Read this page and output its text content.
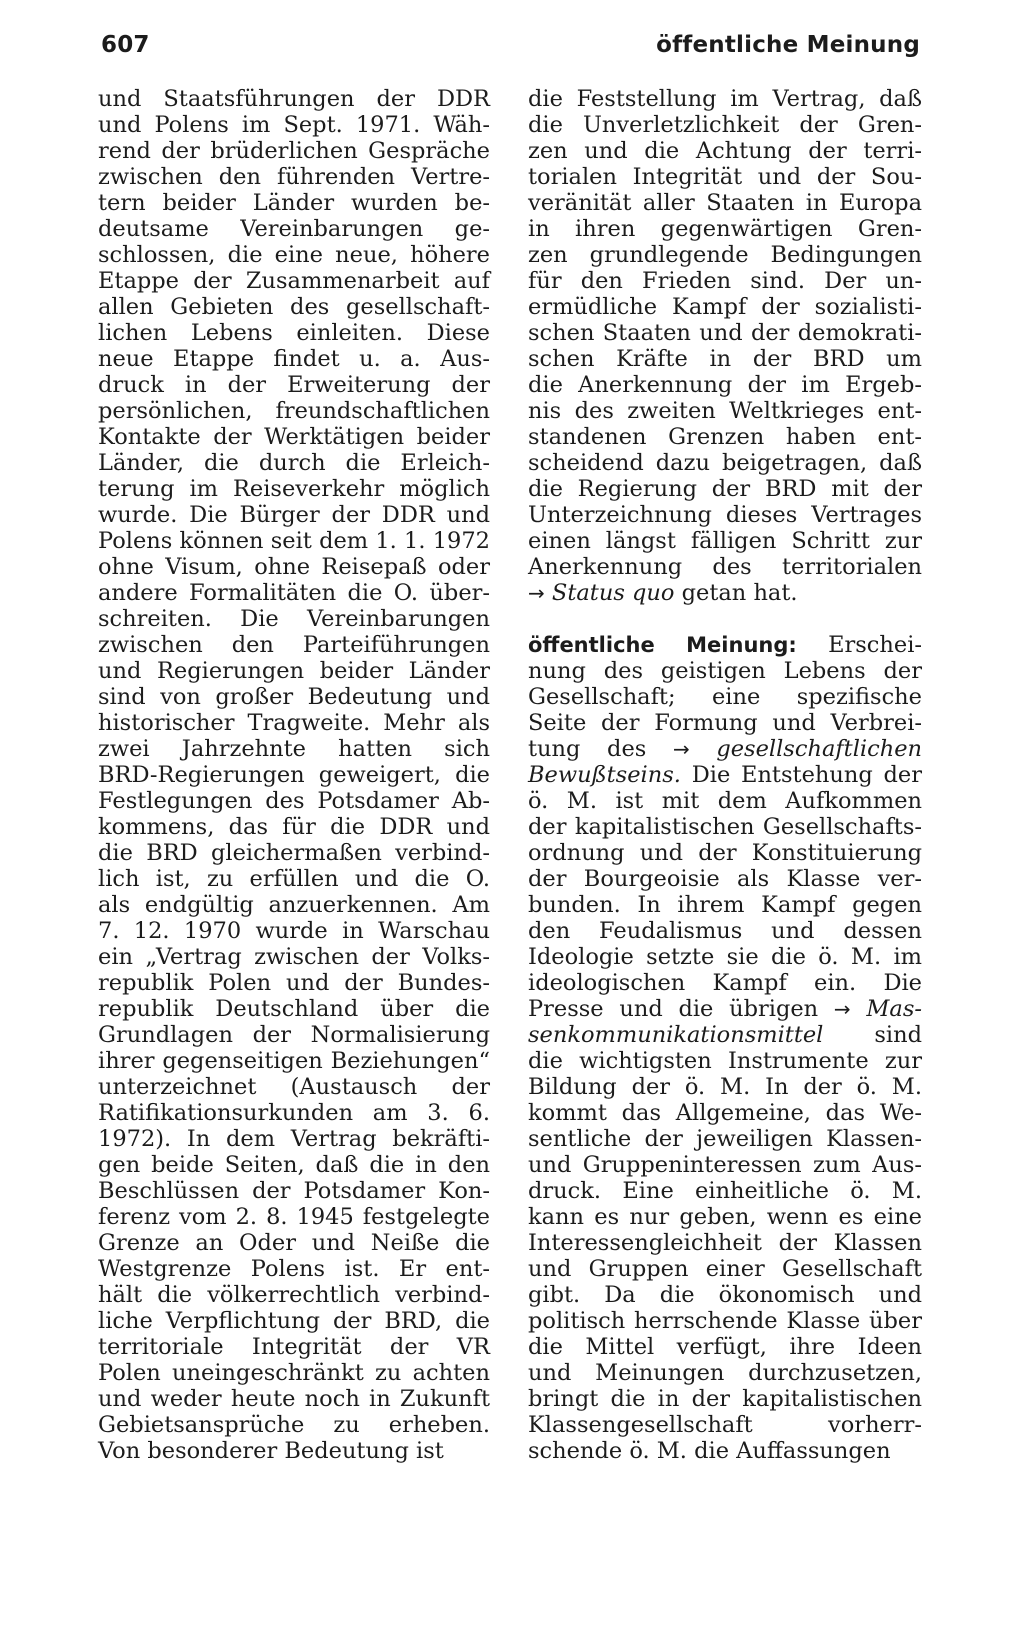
607	öffentliche Meinung
und Staatsführungen der DDR
und Polens im Sept. 1971. Wäh-
rend der brüderlichen Gespräche
zwischen den führenden Vertre-
tern beider Länder wurden be-
deutsame Vereinbarungen ge-
schlossen, die eine neue, höhere
Etappe der Zusammenarbeit auf
allen Gebieten des gesellschaft-
lichen Lebens einleiten. Diese
neue Etappe findet u. a. Aus-
druck in der Erweiterung der
persönlichen, freundschaftlichen
Kontakte der Werktätigen beider
Länder, die durch die Erleich-
terung im Reiseverkehr möglich
wurde. Die Bürger der DDR und
Polens können seit dem 1. 1. 1972
ohne Visum, ohne Reisepaß oder
andere Formalitäten die O. über-
schreiten. Die Vereinbarungen
zwischen den Parteiführungen
und Regierungen beider Länder
sind von großer Bedeutung und
historischer Tragweite. Mehr als
zwei Jahrzehnte hatten sich
BRD-Regierungen geweigert, die
Festlegungen des Potsdamer Ab-
kommens, das für die DDR und
die BRD gleichermaßen verbind-
lich ist, zu erfüllen und die O.
als endgültig anzuerkennen. Am
7. 12. 1970 wurde in Warschau
ein „Vertrag zwischen der Volks-
republik Polen und der Bundes-
republik Deutschland über die
Grundlagen der Normalisierung
ihrer gegenseitigen Beziehungen“
unterzeichnet (Austausch der
Ratifikationsurkunden am 3. 6.
1972). In dem Vertrag bekräfti-
gen beide Seiten, daß die in den
Beschlüssen der Potsdamer Kon-
ferenz vom 2. 8. 1945 festgelegte
Grenze an Oder und Neiße die
Westgrenze Polens ist. Er ent-
hält die völkerrechtlich verbind-
liche Verpflichtung der BRD, die
territoriale Integrität der VR
Polen uneingeschränkt zu achten
und weder heute noch in Zukunft
Gebietsansprüche zu erheben.
Von besonderer Bedeutung ist
die Feststellung im Vertrag, daß
die Unverletzlichkeit der Gren-
zen und die Achtung der terri-
torialen Integrität und der Sou-
veränität aller Staaten in Europa
in ihren gegenwärtigen Gren-
zen grundlegende Bedingungen
für den Frieden sind. Der un-
ermüdliche Kampf der sozialisti-
schen Staaten und der demokrati-
schen Kräfte in der BRD um
die Anerkennung der im Ergeb-
nis des zweiten Weltkrieges ent-
standenen Grenzen haben ent-
scheidend dazu beigetragen, daß
die Regierung der BRD mit der
Unterzeichnung dieses Vertrages
einen längst fälligen Schritt zur
Anerkennung des territorialen
→ Status quo getan hat.
öffentliche Meinung: Erschei-
nung des geistigen Lebens der
Gesellschaft; eine spezifische
Seite der Formung und Verbrei-
tung des → gesellschaftlichen
Bewußtseins. Die Entstehung der
ö. M. ist mit dem Aufkommen
der kapitalistischen Gesellschafts-
ordnung und der Konstituierung
der Bourgeoisie als Klasse ver-
bunden. In ihrem Kampf gegen
den Feudalismus und dessen
Ideologie setzte sie die ö. M. im
ideologischen Kampf ein. Die
Presse und die übrigen → Mas-
senkommunikationsmittel sind
die wichtigsten Instrumente zur
Bildung der ö. M. In der ö. M.
kommt das Allgemeine, das We-
sentliche der jeweiligen Klassen-
und Gruppeninteressen zum Aus-
druck. Eine einheitliche ö. M.
kann es nur geben, wenn es eine
Interessengleichheit der Klassen
und Gruppen einer Gesellschaft
gibt. Da die ökonomisch und
politisch herrschende Klasse über
die Mittel verfügt, ihre Ideen
und Meinungen durchzusetzen,
bringt die in der kapitalistischen
Klassengesellschaft vorherr-
schende ö. M. die Auffassungen
